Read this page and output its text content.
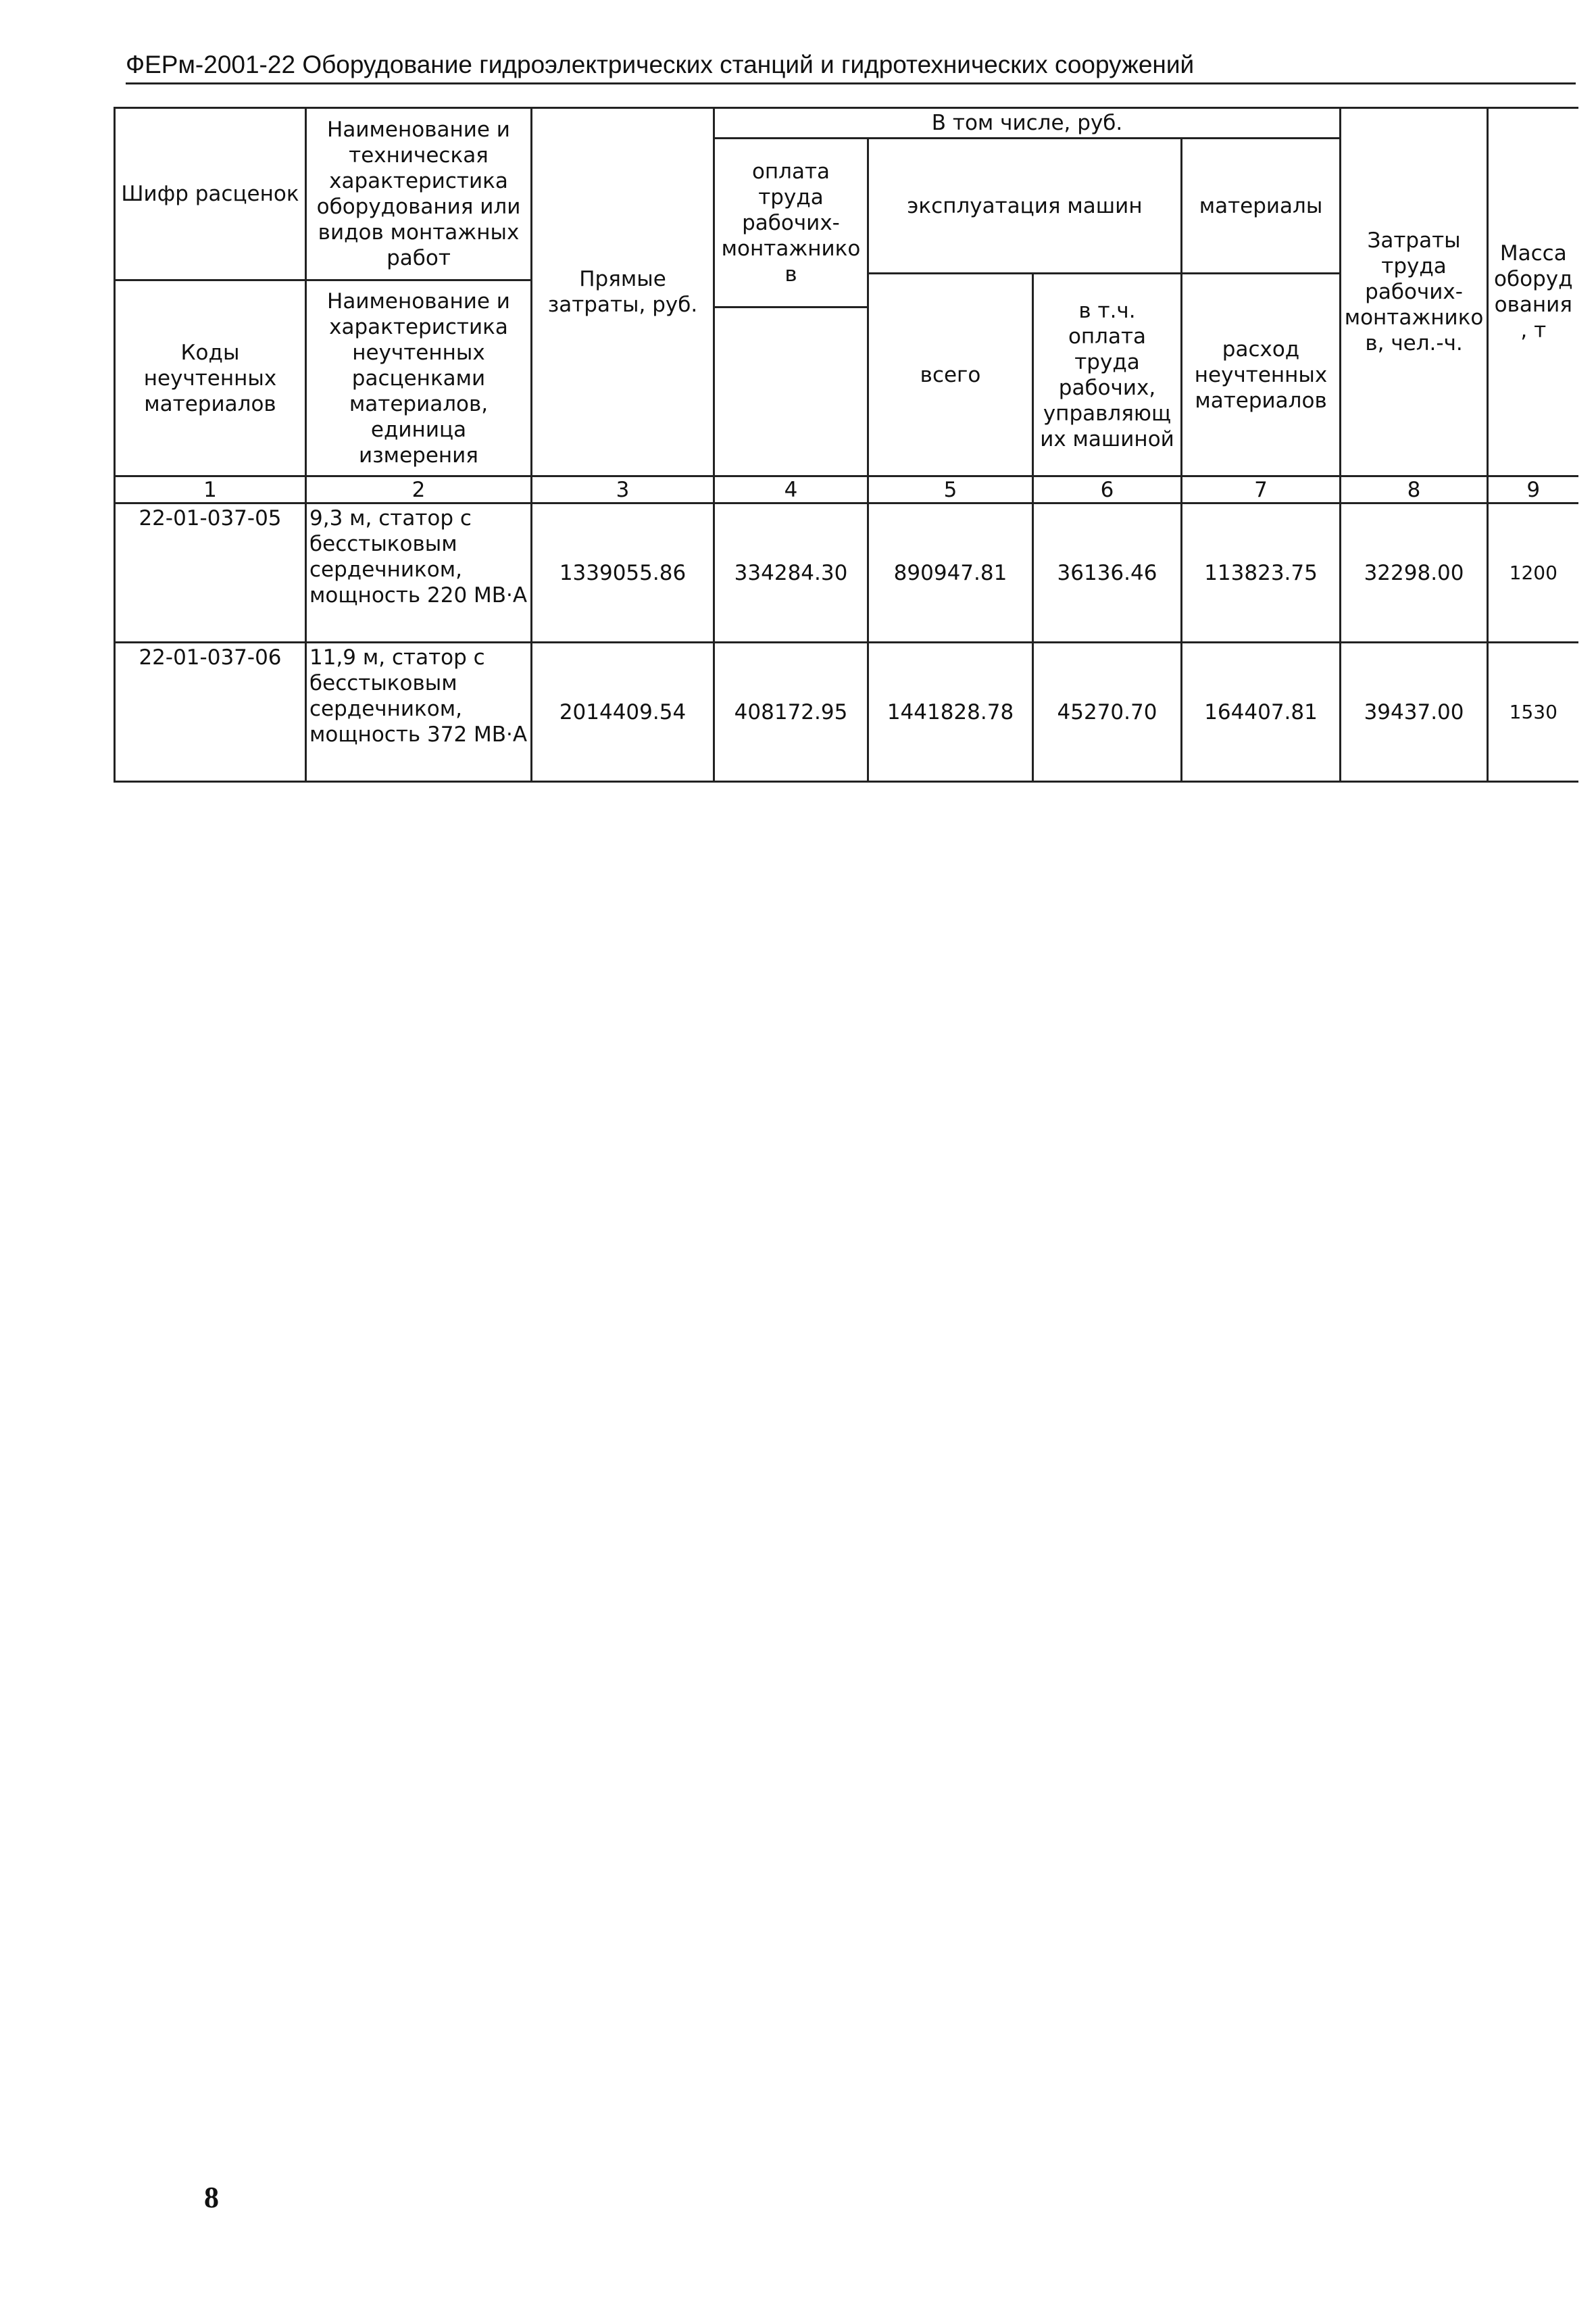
ФЕРм-2001-22 Оборудование гидроэлектрических станций и гидротехнических сооружений
Шифр расценок	Наименование и техническая характеристика оборудования или видов монтажных работ	Прямые затраты, руб.	В том числе, руб.				Затраты труда рабочих-монтажников, чел.-ч.	Масса оборудования, т
			оплата труда рабочих-монтажников	эксплуатация машин		материалы		
				всего	в т.ч. оплата труда рабочих, управляющих машиной	расход неучтенных материалов		
Коды неучтенных материалов	Наименование и характеристика неучтенных расценками материалов, единица измерения							

1	2	3	4	5	6	7	8	9
22-01-037-05	9,3 м, статор с бесстыковым сердечником, мощность 220 МВ·А	1339055.86	334284.30	890947.81	36136.46	113823.75	32298.00	1200
22-01-037-06	11,9 м, статор с бесстыковым сердечником, мощность 372 МВ·А	2014409.54	408172.95	1441828.78	45270.70	164407.81	39437.00	1530
8
